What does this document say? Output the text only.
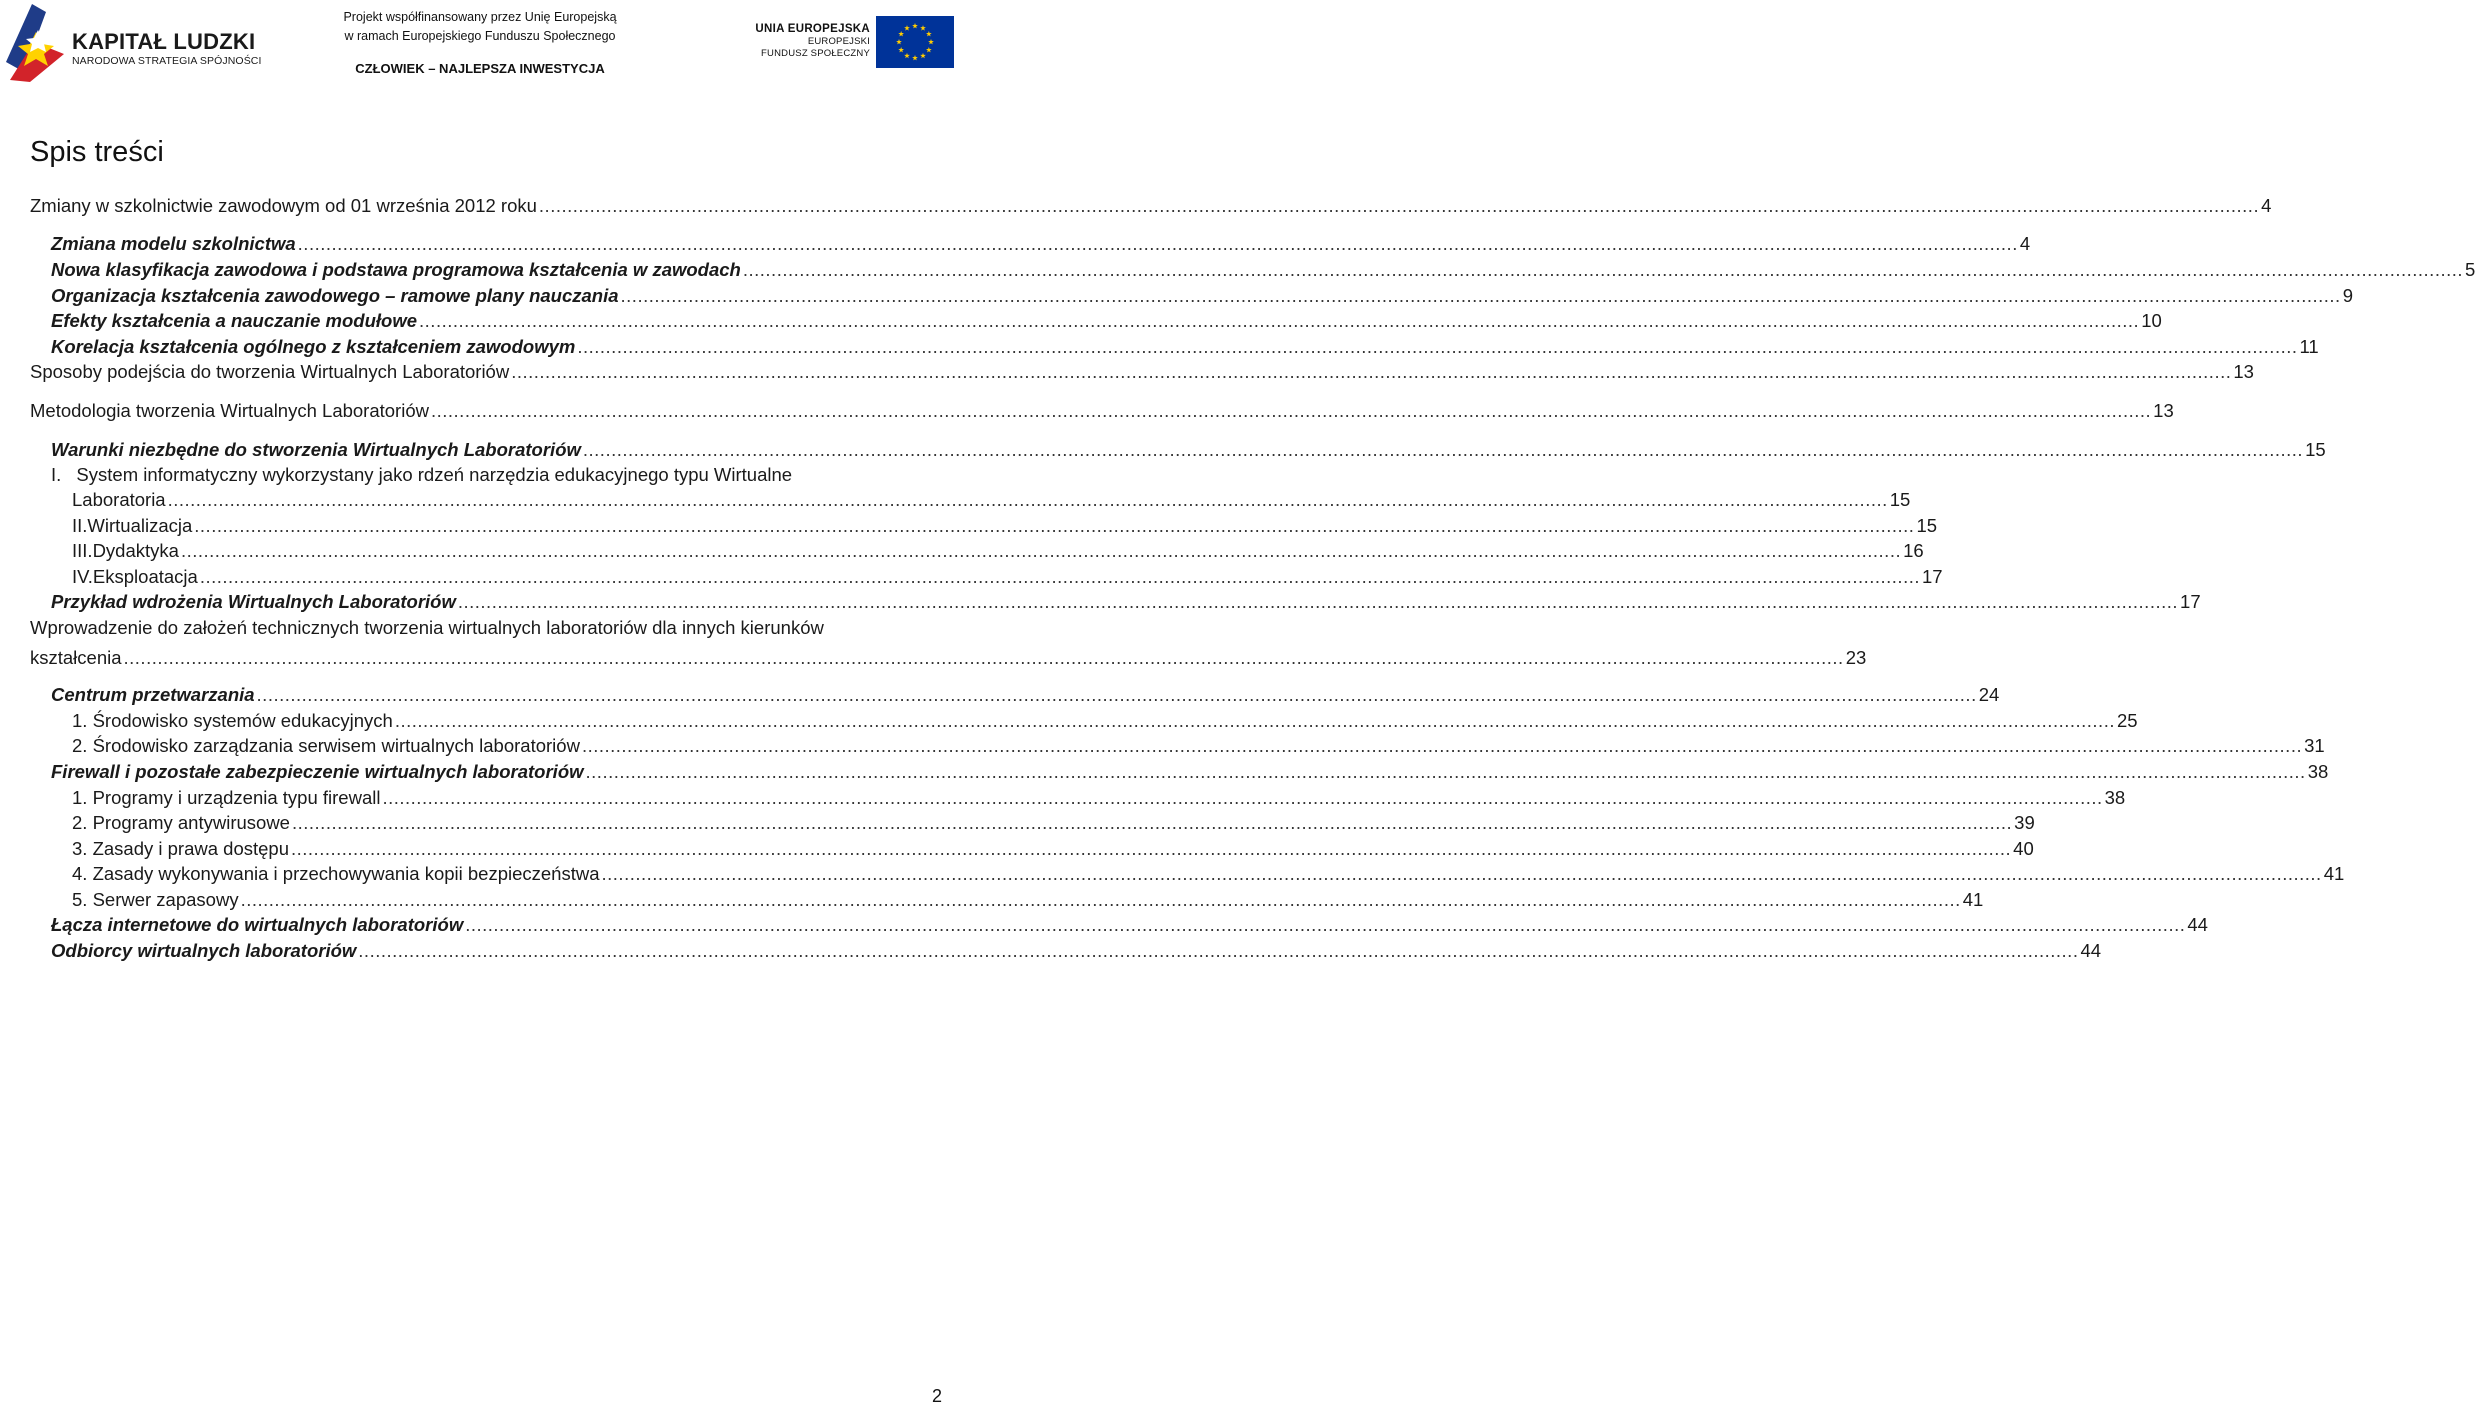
KAPITAŁ LUDZKI
NARODOWA STRATEGIA SPÓJNOŚCI
Projekt współfinansowany przez Unię Europejską
w ramach Europejskiego Funduszu Społecznego
CZŁOWIEK – NAJLEPSZA INWESTYCJA
UNIA EUROPEJSKA
EUROPEJSKI
FUNDUSZ SPOŁECZNY
Spis treści
Zmiany w szkolnictwie zawodowym od 01 września 2012 roku .....	4
Zmiana modelu szkolnictwa .....	4
Nowa klasyfikacja zawodowa i podstawa programowa kształcenia w zawodach .....	5
Organizacja kształcenia zawodowego – ramowe plany nauczania .....	9
Efekty kształcenia a nauczanie modułowe .....	10
Korelacja kształcenia ogólnego z kształceniem zawodowym .....	11
Sposoby podejścia do tworzenia Wirtualnych Laboratoriów .....	13
Metodologia tworzenia Wirtualnych Laboratoriów .....	13
Warunki niezbędne do stworzenia Wirtualnych Laboratoriów .....	15
I. System informatyczny wykorzystany jako rdzeń narzędzia edukacyjnego typu Wirtualne
Laboratoria .....	15
II. Wirtualizacja .....	15
III. Dydaktyka .....	16
IV. Eksploatacja .....	17
Przykład wdrożenia Wirtualnych Laboratoriów .....	17
Wprowadzenie do założeń technicznych tworzenia wirtualnych laboratoriów dla innych kierunków
kształcenia .....	23
Centrum przetwarzania .....	24
1. Środowisko systemów edukacyjnych .....	25
2. Środowisko zarządzania serwisem wirtualnych laboratoriów .....	31
Firewall i pozostałe zabezpieczenie wirtualnych laboratoriów .....	38
1. Programy i urządzenia typu firewall .....	38
2. Programy antywirusowe .....	39
3. Zasady i prawa dostępu .....	40
4. Zasady wykonywania i przechowywania kopii bezpieczeństwa .....	41
5. Serwer zapasowy .....	41
Łącza internetowe do wirtualnych laboratoriów .....	44
Odbiorcy wirtualnych laboratoriów .....	44
2
